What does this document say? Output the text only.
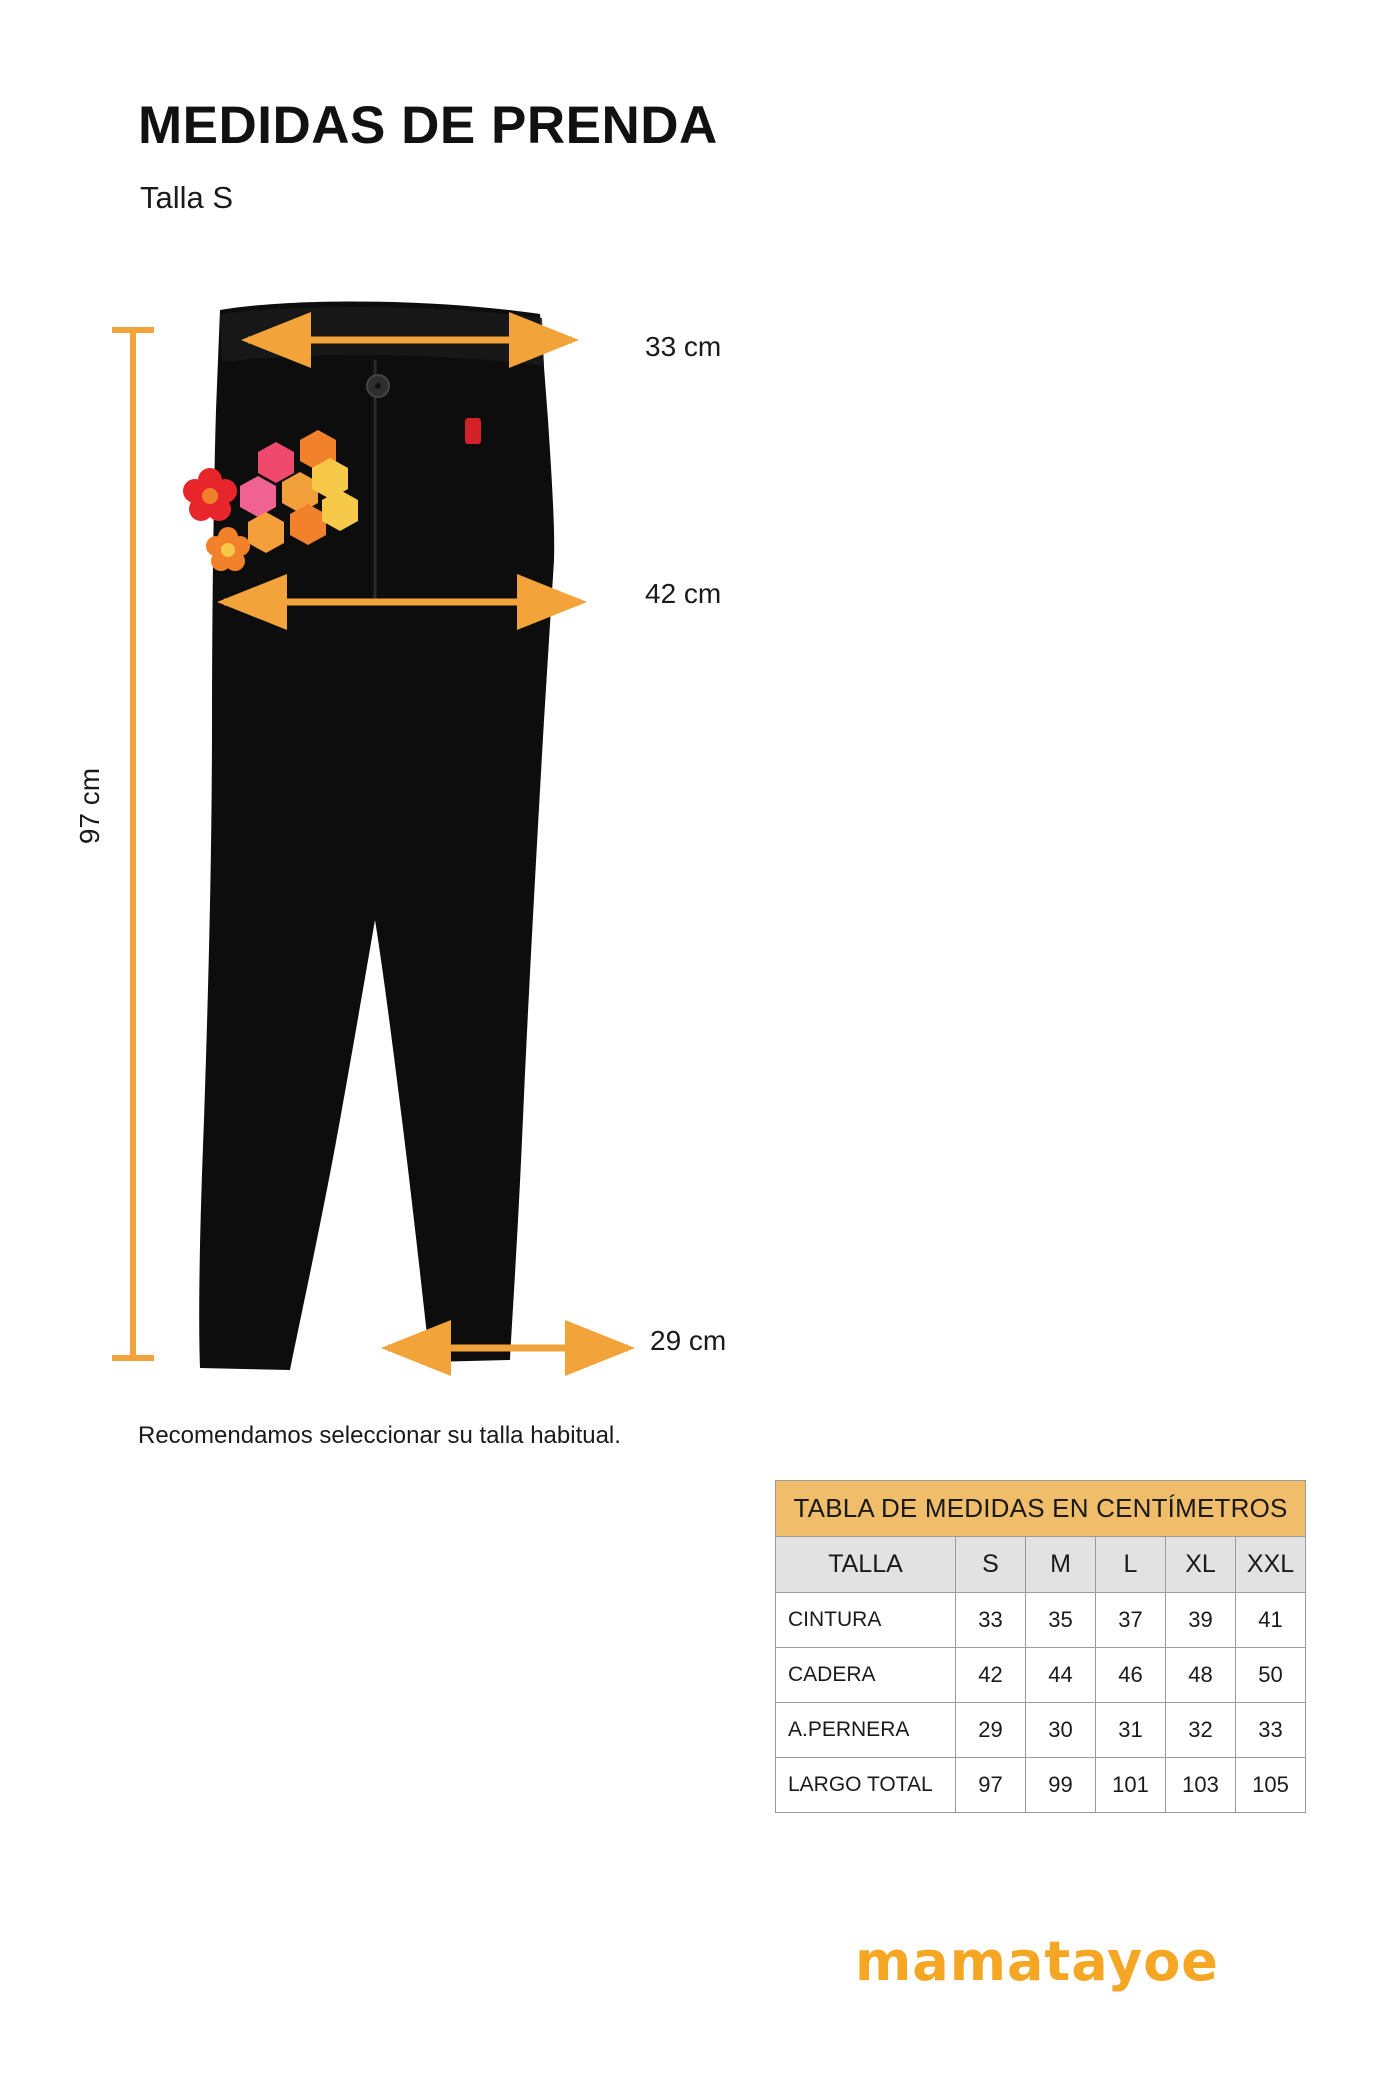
MEDIDAS DE PRENDA
Talla S
33 cm
42 cm
29 cm
97 cm
Recomendamos seleccionar su talla habitual.
TABLA DE MEDIDAS EN CENTÍMETROS					
TALLA	S	M	L	XL	XXL
CINTURA	33	35	37	39	41
CADERA	42	44	46	48	50
A.PERNERA	29	30	31	32	33
LARGO TOTAL	97	99	101	103	105
mamatayoe
